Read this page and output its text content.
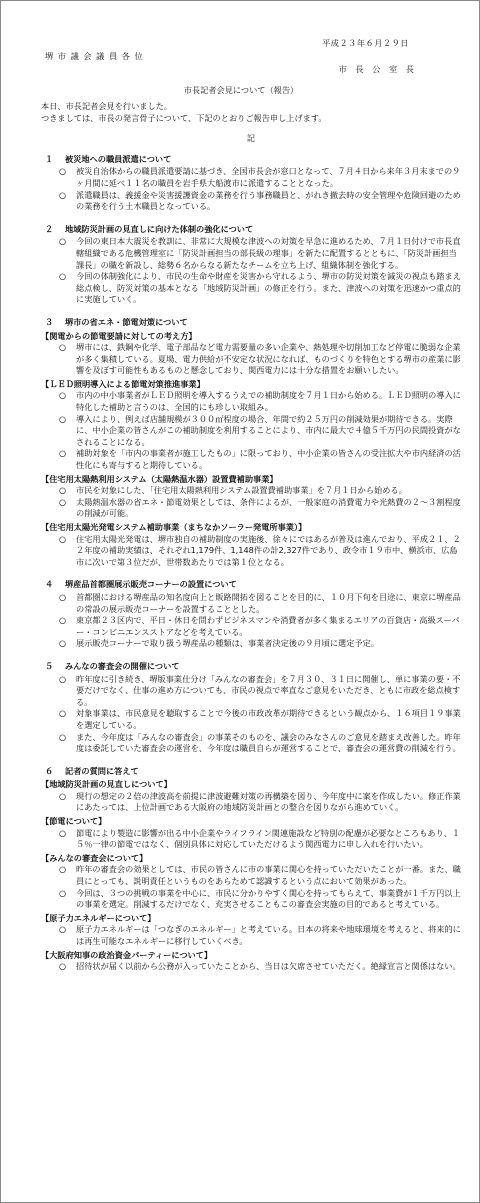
平成２３年６月２９日
堺 市 議 会 議 員 各 位
市 長 公 室 長
市長記者会見について（報告）

本日、市長記者会見を行いました。

つきましては、市長の発言骨子について、下記のとおりご報告申し上げます。

記
１ 被災地への職員派遣について
○ 被災自治体からの職員派遣要請に基づき、全国市長会が窓口となって、７月４日から来年３月末までの９ヶ月間に延べ１１名の職員を岩手県大船渡市に派遣することとなった。
○ 派遣職員は、義援金や災害援護資金の業務を行う事務職員と、がれき撤去時の安全管理や危険回避のための業務を行う土木職員となっている。
２ 地域防災計画の見直しに向けた体制の強化について
○ 今回の東日本大震災を教訓に、非常に大規模な津波への対策を早急に進めるため、７月１日付けで市長直轄組織である危機管理室に「防災計画担当の部長級の理事」を新たに配置するとともに、「防災計画担当課長」の職を新設し、総勢６名からなる新たなチームを立ち上げ、組織体制を強化する。
○ 今回の体制強化により、市民の生命や財産を災害から守れるよう、堺市の防災対策を減災の視点も踏まえ総点検し、防災対策の基本となる「地域防災計画」の修正を行う。また、津波への対策を迅速かつ重点的に実施していく。
３ 堺市の省エネ・節電対策について
【関電からの節電要請に対しての考え方】
○ 堺市には、鉄鋼や化学、電子部品など電力需要量の多い企業や、熱処理や切削加工など停電に脆弱な企業が多く集積している。夏場、電力供給が不安定な状況になれば、ものづくりを特色とする堺市の産業に影響を及ぼす可能性もあるものと懸念しており、関西電力には十分な措置をお願いしたい。
【ＬＥＤ照明導入による節電対策推進事業】
○ 市内の中小事業者がＬＥＤ照明を導入するうえでの補助制度を７月１日から始める。ＬＥＤ照明の導入に特化した補助と言うのは、全国的にも珍しい取組み。
○ 導入により、例えば店舗規模が３００㎡程度の場合、年間で約２５万円の削減効果が期待できる。実際に、中小企業の皆さんがこの補助制度を利用することにより、市内に最大で４億５千万円の民間投資がなされることになる。
○ 補助対象を「市内の事業者が施工したもの」に限っており、中小企業の皆さんの受注拡大や市内経済の活性化にも寄与すると期待している。
【住宅用太陽熱利用システム（太陽熱温水器）設置費補助事業】
○ 市民を対象にした、「住宅用太陽熱利用システム設置費補助事業」を７月１日から始める。
○ 太陽熱温水器の省エネ・節電効果としては、条件によるが、一般家庭の消費電力や光熱費の２〜３割程度の削減が可能。
【住宅用太陽光発電システム補助事業（まちなかソーラー発電所事業）】
○ 住宅用太陽光発電は、堺市独自の補助制度の実施後、徐々にではあるが普及は進んでおり、平成２１、２２年度の補助実績は、それぞれ1,179件、1,148件の計2,327件であり、政令市１９市中、横浜市、広島市に次いで第３位だが、世帯数あたりでは第１位となる。
４ 堺産品首都圏展示販売コーナーの設置について
○ 首都圏における堺産品の知名度向上と販路開拓を図ることを目的に、１０月下旬を目途に、東京に堺産品の常設の展示販売コーナーを設置することとした。
○ 東京都２３区内で、平日・休日を問わずビジネスマンや消費者が多く集まるエリアの百貨店・高級スーパー・コンビニエンスストアなどを考えている。
○ 展示販売コーナーで取り扱う堺産品の種類は、事業者決定後の９月頃に選定予定。
５ みんなの審査会の開催について
○ 昨年度に引き続き、堺版事業仕分け「みんなの審査会」を７月３０、３１日に開催し、単に事業の要・不要だけでなく、仕事の進め方についても、市民の視点で率直なご意見をいただき、ともに市政を総点検する。
○ 対象事業は、市民意見を聴取することで今後の市政改革が期待できるという観点から、１６項目１９事業を選定している。
○ また、今年度は「みんなの審査会」の事業そのものを、議会のみなさんのご意見を踏まえ改善した。昨年度は委託していた審査会の運営を、今年度は職員自らが運営することで、審査会の運営費の削減を行う。
６ 記者の質問に答えて
【地域防災計画の見直しについて】
○ 現行の想定の２倍の津波高を前提に津波避難対策の再構築を図り、今年度中に案を作成したい。修正作業にあたっては、上位計画である大阪府の地域防災計画との整合を図りながら進めていく。
【節電について】
○ 節電により製造に影響が出る中小企業やライフライン関連施設など特別の配慮が必要なところもあり、１５％一律の節電ではなく、個別具体に対応していただけるよう関西電力に申し入れを行いたい。
【みんなの審査会について】
○ 昨年の審査会の効果としては、市民の皆さんに市の事業に関心を持っていただいたことが一番。また、職員にとっても、説明責任というものをあらためて認識するという点において効果があった。
○ 今回は、３つの挑戦の事業を中心に、市民に分かりやすく関心を持ってもらえて、事業費が１千万円以上の事業を選定。削減するだけでなく、充実させることもこの審査会実施の目的であると考えている。
【原子力エネルギーについて】
○ 原子力エネルギーは「つなぎのエネルギー」と考えている。日本の将来や地球環境を考えると、将来的には再生可能なエネルギーに移行していくべき。
【大阪府知事の政治資金パーティーについて】
○ 招待状が届く以前から公務が入っていたことから、当日は欠席させていただく。絶縁宣言と関係はない。
